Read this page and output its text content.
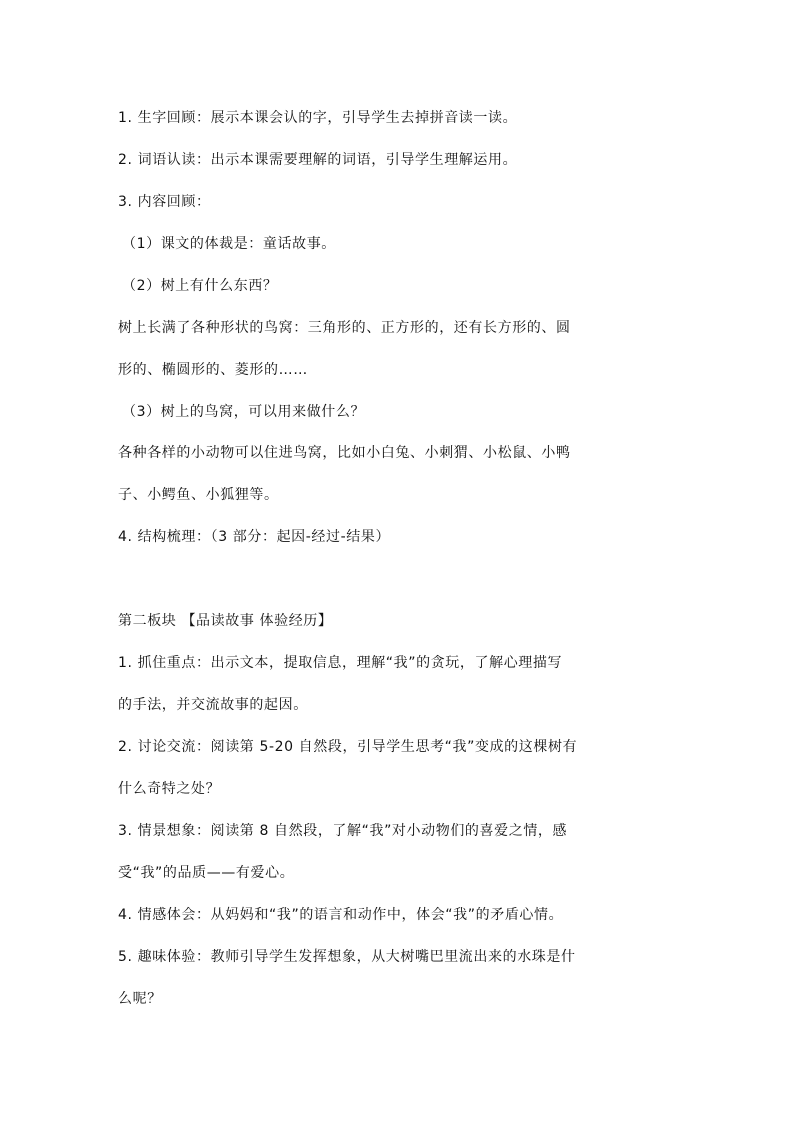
1. 生字回顾：展示本课会认的字，引导学生去掉拼音读一读。
2. 词语认读：出示本课需要理解的词语，引导学生理解运用。
3. 内容回顾：
（1）课文的体裁是：童话故事。
（2）树上有什么东西？
树上长满了各种形状的鸟窝：三角形的、正方形的，还有长方形的、圆
形的、椭圆形的、菱形的……
（3）树上的鸟窝，可以用来做什么？
各种各样的小动物可以住进鸟窝，比如小白兔、小刺猬、小松鼠、小鸭
子、小鳄鱼、小狐狸等。
4. 结构梳理：（3 部分：起因-经过-结果）
第二板块 【品读故事 体验经历】
1. 抓住重点：出示文本，提取信息，理解“我”的贪玩，了解心理描写
的手法，并交流故事的起因。
2. 讨论交流：阅读第 5-20 自然段，引导学生思考“我”变成的这棵树有
什么奇特之处？
3. 情景想象：阅读第 8 自然段，了解“我”对小动物们的喜爱之情，感
受“我”的品质——有爱心。
4. 情感体会：从妈妈和“我”的语言和动作中，体会“我”的矛盾心情。
5. 趣味体验：教师引导学生发挥想象，从大树嘴巴里流出来的水珠是什
么呢？
